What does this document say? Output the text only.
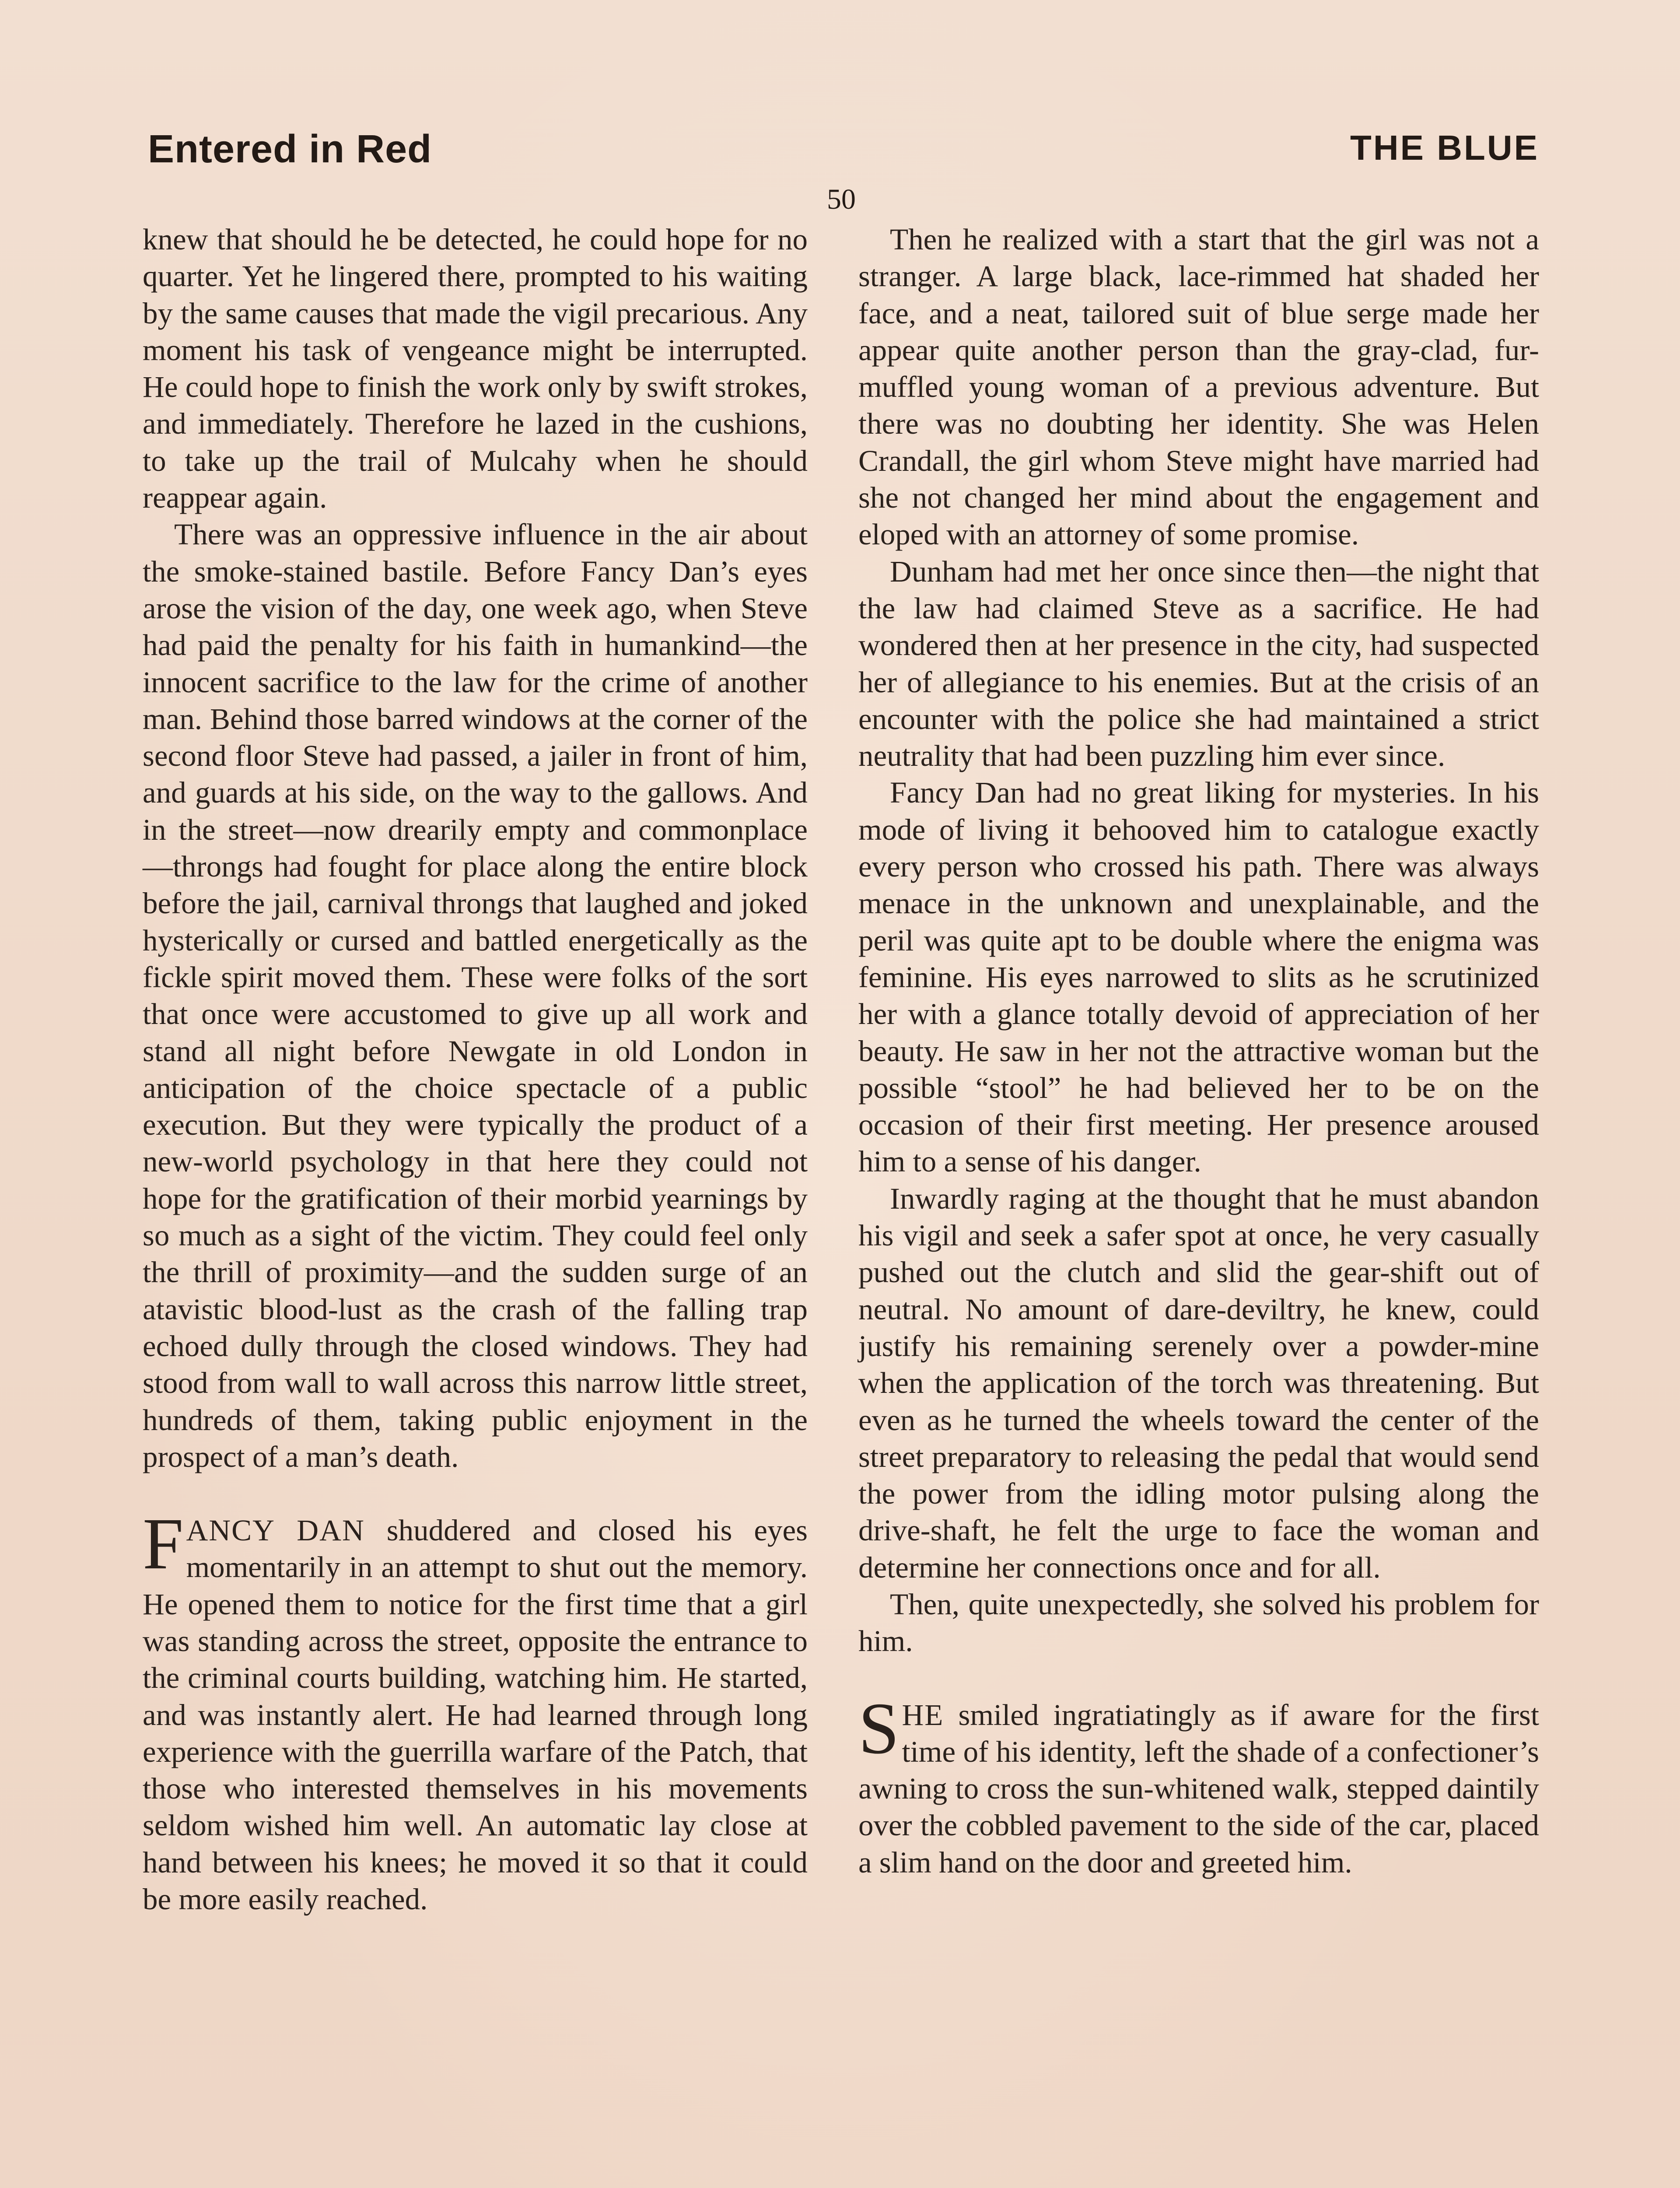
Entered in Red	THE BLUE
50

knew that should he be detected, he could hope for no quarter. Yet he lingered there, prompted to his waiting by the same causes that made the vigil precarious. Any moment his task of vengeance might be interrupted. He could hope to finish the work only by swift strokes, and immediately. Therefore he lazed in the cushions, to take up the trail of Mulcahy when he should reappear again.

There was an oppressive influence in the air about the smoke-stained bastile. Before Fancy Dan’s eyes arose the vision of the day, one week ago, when Steve had paid the penalty for his faith in humankind—the innocent sacrifice to the law for the crime of another man. Behind those barred windows at the corner of the second floor Steve had passed, a jailer in front of him, and guards at his side, on the way to the gallows. And in the street—now drearily empty and commonplace—throngs had fought for place along the entire block before the jail, carnival throngs that laughed and joked hysterically or cursed and battled energetically as the fickle spirit moved them. These were folks of the sort that once were accustomed to give up all work and stand all night before Newgate in old London in anticipation of the choice spectacle of a public execution. But they were typically the product of a new-world psychology in that here they could not hope for the gratification of their morbid yearnings by so much as a sight of the victim. They could feel only the thrill of proximity—and the sudden surge of an atavistic blood-lust as the crash of the falling trap echoed dully through the closed windows. They had stood from wall to wall across this narrow little street, hundreds of them, taking public enjoyment in the prospect of a man’s death.

FANCY DAN shuddered and closed his eyes momentarily in an attempt to shut out the memory. He opened them to notice for the first time that a girl was standing across the street, opposite the entrance to the criminal courts building, watching him. He started, and was instantly alert. He had learned through long experience with the guerrilla warfare of the Patch, that those who interested themselves in his movements seldom wished him well. An automatic lay close at hand between his knees; he moved it so that it could be more easily reached.

Then he realized with a start that the girl was not a stranger. A large black, lace-rimmed hat shaded her face, and a neat, tailored suit of blue serge made her appear quite another person than the gray-clad, fur-muffled young woman of a previous adventure. But there was no doubting her identity. She was Helen Crandall, the girl whom Steve might have married had she not changed her mind about the engagement and eloped with an attorney of some promise.

Dunham had met her once since then—the night that the law had claimed Steve as a sacrifice. He had wondered then at her presence in the city, had suspected her of allegiance to his enemies. But at the crisis of an encounter with the police she had maintained a strict neutrality that had been puzzling him ever since.

Fancy Dan had no great liking for mysteries. In his mode of living it behooved him to catalogue exactly every person who crossed his path. There was always menace in the unknown and unexplainable, and the peril was quite apt to be double where the enigma was feminine. His eyes narrowed to slits as he scrutinized her with a glance totally devoid of appreciation of her beauty. He saw in her not the attractive woman but the possible “stool” he had believed her to be on the occasion of their first meeting. Her presence aroused him to a sense of his danger.

Inwardly raging at the thought that he must abandon his vigil and seek a safer spot at once, he very casually pushed out the clutch and slid the gear-shift out of neutral. No amount of dare-deviltry, he knew, could justify his remaining serenely over a powder-mine when the application of the torch was threatening. But even as he turned the wheels toward the center of the street preparatory to releasing the pedal that would send the power from the idling motor pulsing along the drive-shaft, he felt the urge to face the woman and determine her connections once and for all.

Then, quite unexpectedly, she solved his problem for him.

SHE smiled ingratiatingly as if aware for the first time of his identity, left the shade of a confectioner’s awning to cross the sun-whitened walk, stepped daintily over the cobbled pavement to the side of the car, placed a slim hand on the door and greeted him.
